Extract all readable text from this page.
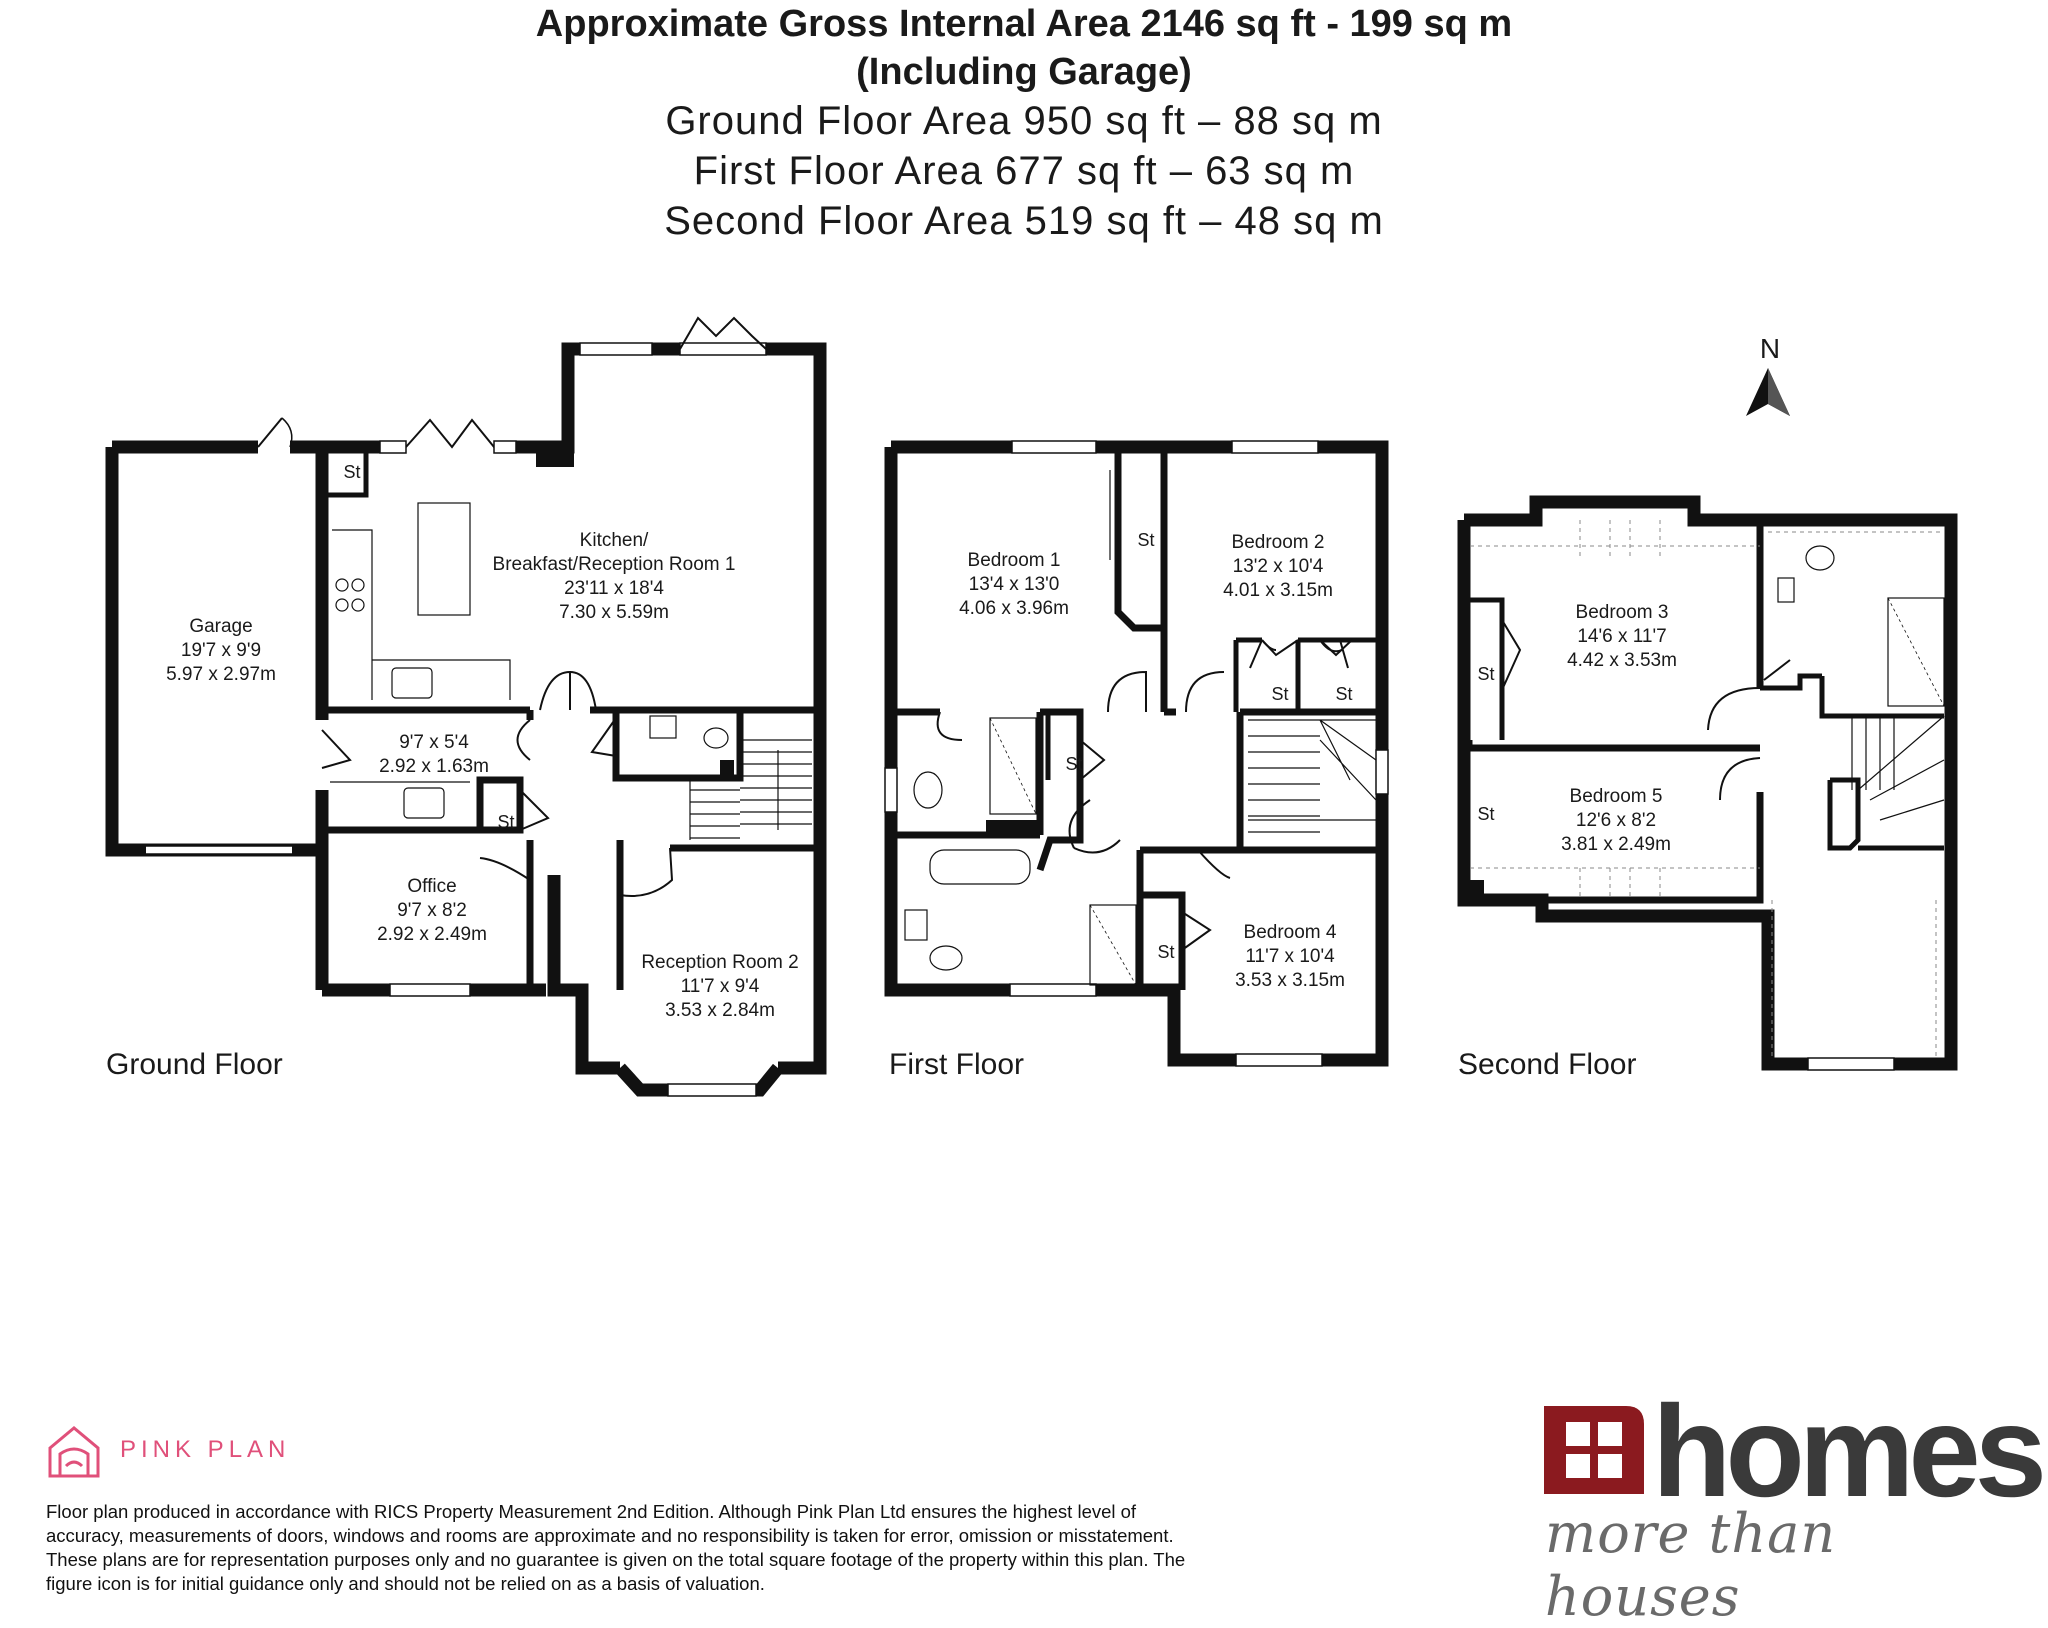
Approximate Gross Internal Area 2146 sq ft - 199 sq m
(Including Garage)
Ground Floor Area 950 sq ft – 88 sq m
First Floor Area 677 sq ft – 63 sq m
Second Floor Area 519 sq ft – 48 sq m
Garage
19'7 x 9'9
5.97 x 2.97m
Kitchen/
Breakfast/Reception Room 1
23'11 x 18'4
7.30 x 5.59m
9'7 x 5'4
2.92 x 1.63m
Office
9'7 x 8'2
2.92 x 2.49m
Reception Room 2
11'7 x 9'4
3.53 x 2.84m
St
St
Bedroom 1
13'4 x 13'0
4.06 x 3.96m
Bedroom 2
13'2 x 10'4
4.01 x 3.15m
Bedroom 4
11'7 x 10'4
3.53 x 3.15m
St
St	St
St
St
Bedroom 3
14'6 x 11'7
4.42 x 3.53m
Bedroom 5
12'6 x 8'2
3.81 x 2.49m
St
St
N
Ground Floor	First Floor	Second Floor
PINK PLAN
Floor plan produced in accordance with RICS Property Measurement 2nd Edition. Although Pink Plan Ltd ensures the highest level of accuracy, measurements of doors, windows and rooms are approximate and no responsibility is taken for error, omission or misstatement. These plans are for representation purposes only and no guarantee is given on the total square footage of the property within this plan. The figure icon is for initial guidance only and should not be relied on as a basis of valuation.
homes
more than houses
